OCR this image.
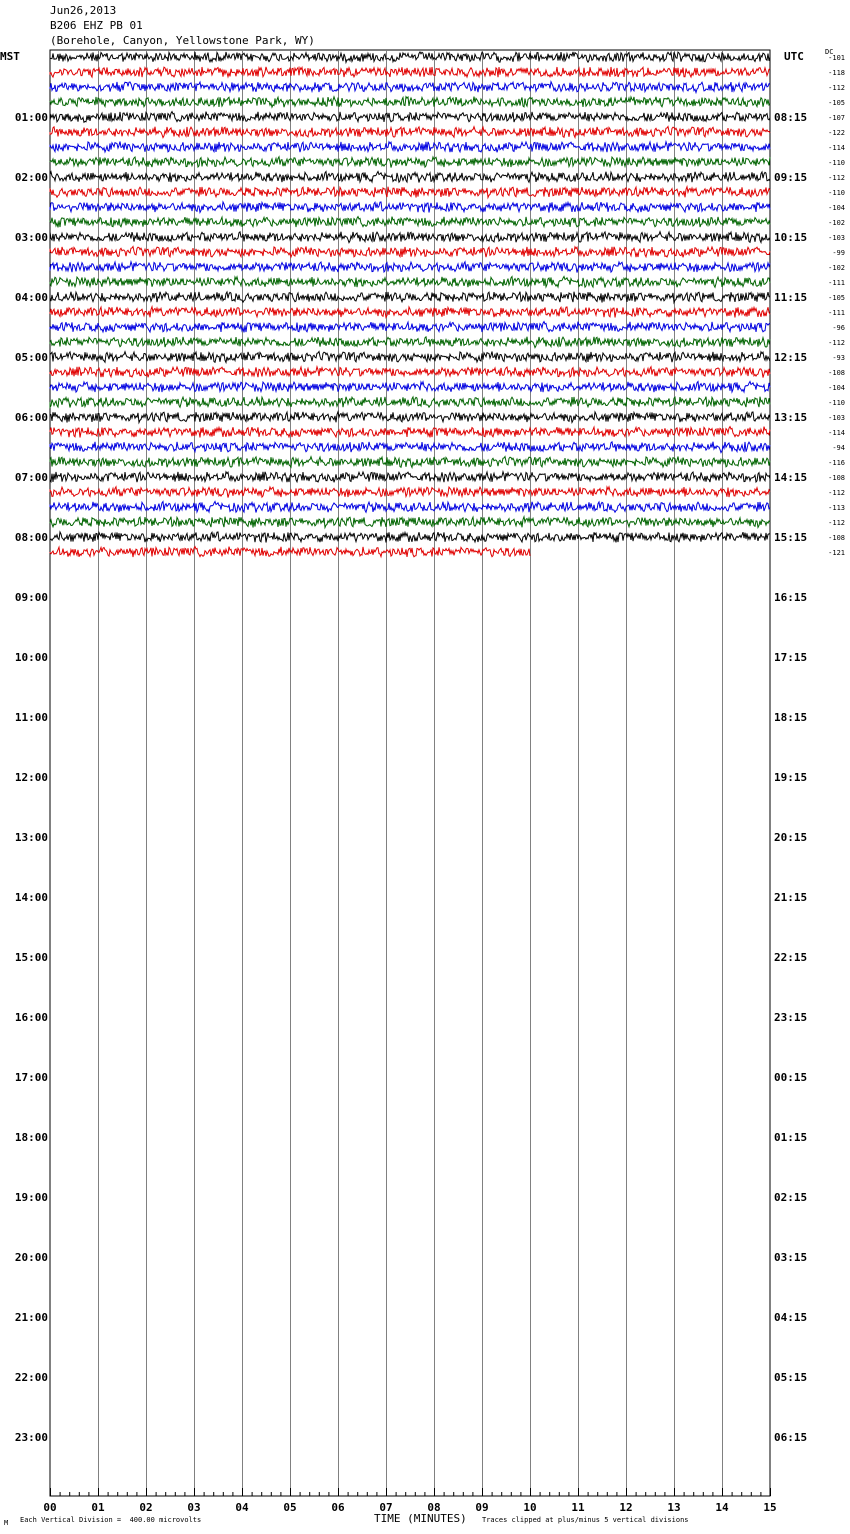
Jun26,2013
B206 EHZ PB 01
(Borehole, Canyon, Yellowstone Park, WY)
MST	UTC	DC
00	01	02	03	04	05	06	07	08	09	10	11	12	13	14	15
01:00
02:00
03:00
04:00
05:00
06:00
07:00
08:00
09:00
10:00
11:00
12:00
13:00
14:00
15:00
16:00
17:00
18:00
19:00
20:00
21:00
22:00
23:00
08:15
09:15
10:15
11:15
12:15
13:15
14:15
15:15
16:15
17:15
18:15
19:15
20:15
21:15
22:15
23:15
00:15
01:15
02:15
03:15
04:15
05:15
06:15
-101
-118
-112
-105
-107
-122
-114
-110
-112
-110
-104
-102
-103
-99
-102
-111
-105
-111
-96
-112
-93
-108
-104
-110
-103
-114
-94
-116
-108
-112
-113
-112
-108
-121
M Each Vertical Division =  400.00 microvolts	TIME (MINUTES) Traces clipped at plus/minus 5 vertical divisions
